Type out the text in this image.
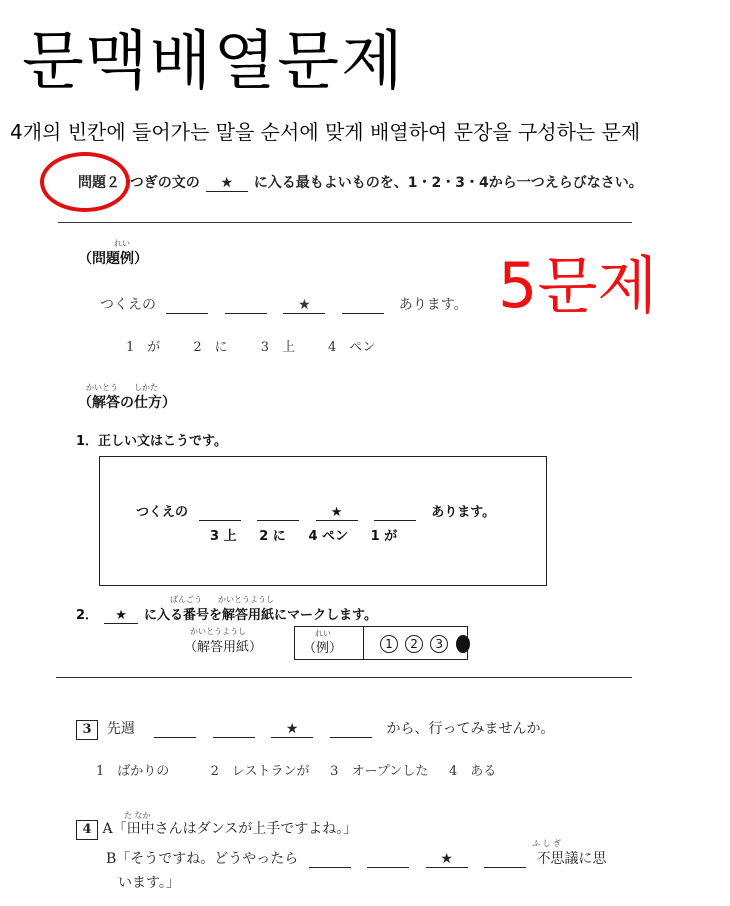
문맥배열문제
4개의 빈칸에 들어가는 말을 순서에 맞게 배열하여 문장을 구성하는 문제
問題２ つぎの文の ★ に入る最もよいものを、1・2・3・4から一つえらびなさい。
れい
（問題例）
つくえの	★	あります。
1　が	2　に	3　上	4　ペン
5문제
かいとう　　しかた
（解答の仕方）
1．正しい文はこうです。
つくえの	★	あります。
3 上 2 に 4 ペン 1 が
ばんごう　　かいとうようし
2． ★ に入る番号を解答用紙にマークします。
かいとうようし
（解答用紙）
れい
（例）	1 2 3
3 先週	★	から、行ってみませんか。
1　ばかりの	2　レストランが 3　オープンした 4　ある
た なか
4 A「田中さんはダンスが上手ですよね。」
ふ し ぎ
B「そうですね。どうやったら	★	不思議に思
います。」
